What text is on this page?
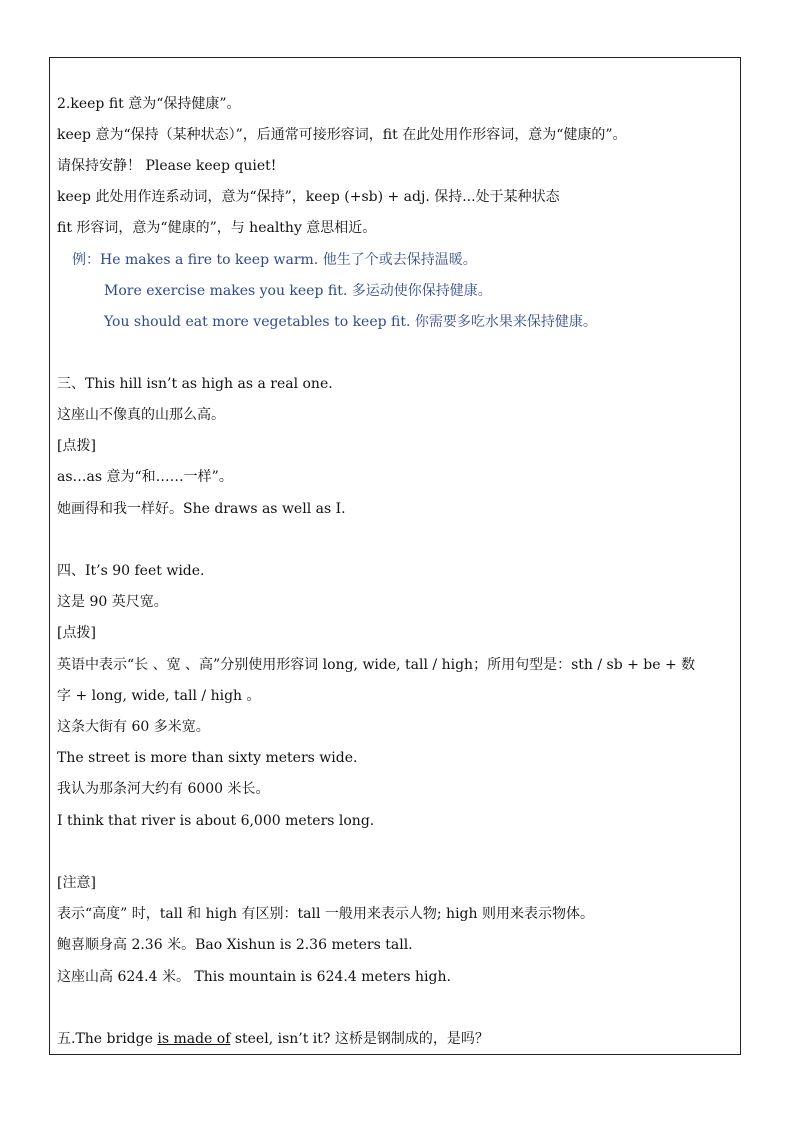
2.keep fit 意为“保持健康”。
keep 意为“保持（某种状态）”，后通常可接形容词，fit 在此处用作形容词，意为“健康的”。
请保持安静！ Please keep quiet!
keep 此处用作连系动词，意为“保持”，keep (+sb) + adj. 保持...处于某种状态
fit 形容词，意为“健康的”，与 healthy 意思相近。
例：He makes a fire to keep warm. 他生了个或去保持温暖。
More exercise makes you keep fit. 多运动使你保持健康。
You should eat more vegetables to keep fit. 你需要多吃水果来保持健康。
三、This hill isn’t as high as a real one.
这座山不像真的山那么高。
[点拨]
as…as 意为“和……一样”。
她画得和我一样好。She draws as well as I.
四、It’s 90 feet wide.
这是 90 英尺宽。
[点拨]
英语中表示“长 、宽 、高”分别使用形容词 long, wide, tall / high；所用句型是：sth / sb + be + 数
字 + long, wide, tall / high 。
这条大街有 60 多米宽。
The street is more than sixty meters wide.
我认为那条河大约有 6000 米长。
I think that river is about 6,000 meters long.
[注意]
表示“高度” 时，tall 和 high 有区别：tall 一般用来表示人物; high 则用来表示物体。
鲍喜顺身高 2.36 米。Bao Xishun is 2.36 meters tall.
这座山高 624.4 米。 This mountain is 624.4 meters high.
五.The bridge is made of steel, isn’t it? 这桥是钢制成的，是吗？
